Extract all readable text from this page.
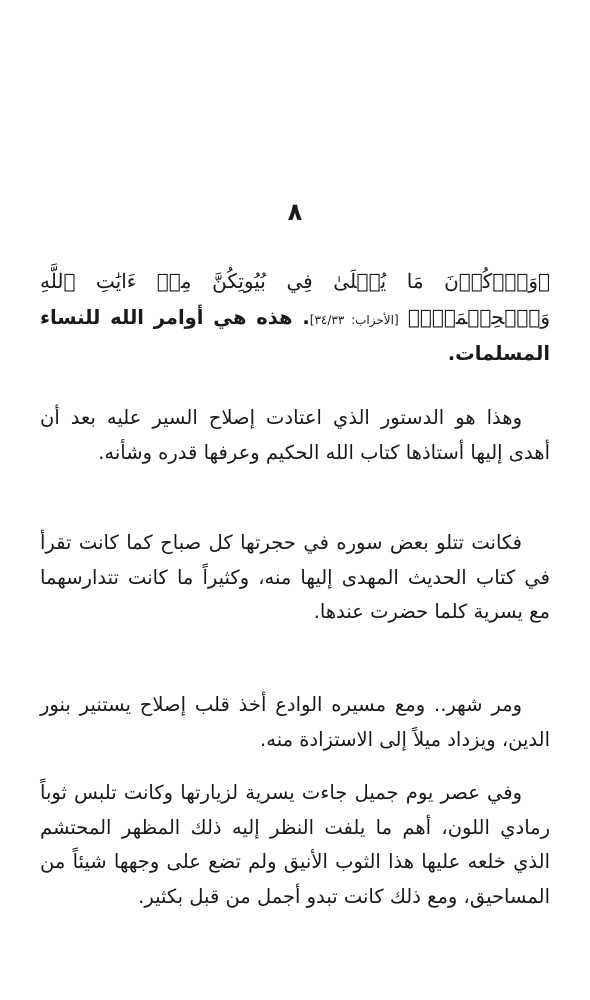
٨

﴿وَٱذۡكُرۡنَ مَا يُتۡلَىٰ فِي بُيُوتِكُنَّ مِنۡ ءَايَٰتِ ٱللَّهِ وَٱلۡحِكۡمَةِۚ﴾ [الأحزاب: ٣٤/٣٣]. هذه هي أوامر الله للنساء المسلمات.

وهذا هو الدستور الذي اعتادت إصلاح السير عليه بعد أن أهدى إليها أستاذها كتاب الله الحكيم وعرفها قدره وشأنه.

فكانت تتلو بعض سوره في حجرتها كل صباح كما كانت تقرأ في كتاب الحديث المهدى إليها منه، وكثيراً ما كانت تتدارسهما مع يسرية كلما حضرت عندها.

ومر شهر.. ومع مسيره الوادع أخذ قلب إصلاح يستنير بنور الدين، ويزداد ميلاً إلى الاستزادة منه.

وفي عصر يوم جميل جاءت يسرية لزيارتها وكانت تلبس ثوباً رمادي اللون، أهم ما يلفت النظر إليه ذلك المظهر المحتشم الذي خلعه عليها هذا الثوب الأنيق ولم تضع على وجهها شيئاً من المساحيق، ومع ذلك كانت تبدو أجمل من قبل بكثير.
